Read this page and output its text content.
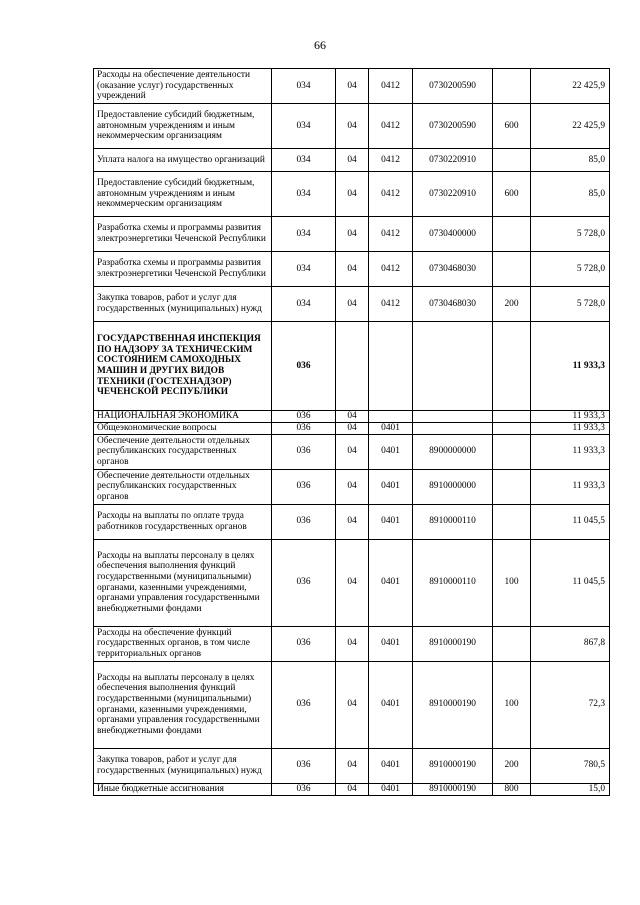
66
Расходы на обеспечение деятельности (оказание услуг) государственных учреждений	034	04	0412	0730200590		22 425,9
Предоставление субсидий бюджетным, автономным учреждениям и иным некоммерческим организациям	034	04	0412	0730200590	600	22 425,9
Уплата налога на имущество организаций	034	04	0412	0730220910		85,0
Предоставление субсидий бюджетным, автономным учреждениям и иным некоммерческим организациям	034	04	0412	0730220910	600	85,0
Разработка схемы и программы развития электроэнергетики Чеченской Республики	034	04	0412	0730400000		5 728,0
Разработка схемы и программы развития электроэнергетики Чеченской Республики	034	04	0412	0730468030		5 728,0
Закупка товаров, работ и услуг для государственных (муниципальных) нужд	034	04	0412	0730468030	200	5 728,0
ГОСУДАРСТВЕННАЯ ИНСПЕКЦИЯ ПО НАДЗОРУ ЗА ТЕХНИЧЕСКИМ СОСТОЯНИЕМ САМОХОДНЫХ МАШИН И ДРУГИХ ВИДОВ ТЕХНИКИ (ГОСТЕХНАДЗОР) ЧЕЧЕНСКОЙ РЕСПУБЛИКИ	036					11 933,3
НАЦИОНАЛЬНАЯ ЭКОНОМИКА	036	04				11 933,3
Общеэкономические вопросы	036	04	0401			11 933,3
Обеспечение деятельности отдельных республиканских государственных органов	036	04	0401	8900000000		11 933,3
Обеспечение деятельности отдельных республиканских государственных органов	036	04	0401	8910000000		11 933,3
Расходы на выплаты по оплате труда работников государственных органов	036	04	0401	8910000110		11 045,5
Расходы на выплаты персоналу в целях обеспечения выполнения функций государственными (муниципальными) органами, казенными учреждениями, органами управления государственными внебюджетными фондами	036	04	0401	8910000110	100	11 045,5
Расходы на обеспечение функций государственных органов, в том числе территориальных органов	036	04	0401	8910000190		867,8
Расходы на выплаты персоналу в целях обеспечения выполнения функций государственными (муниципальными) органами, казенными учреждениями, органами управления государственными внебюджетными фондами	036	04	0401	8910000190	100	72,3
Закупка товаров, работ и услуг для государственных (муниципальных) нужд	036	04	0401	8910000190	200	780,5
Иные бюджетные ассигнования	036	04	0401	8910000190	800	15,0
